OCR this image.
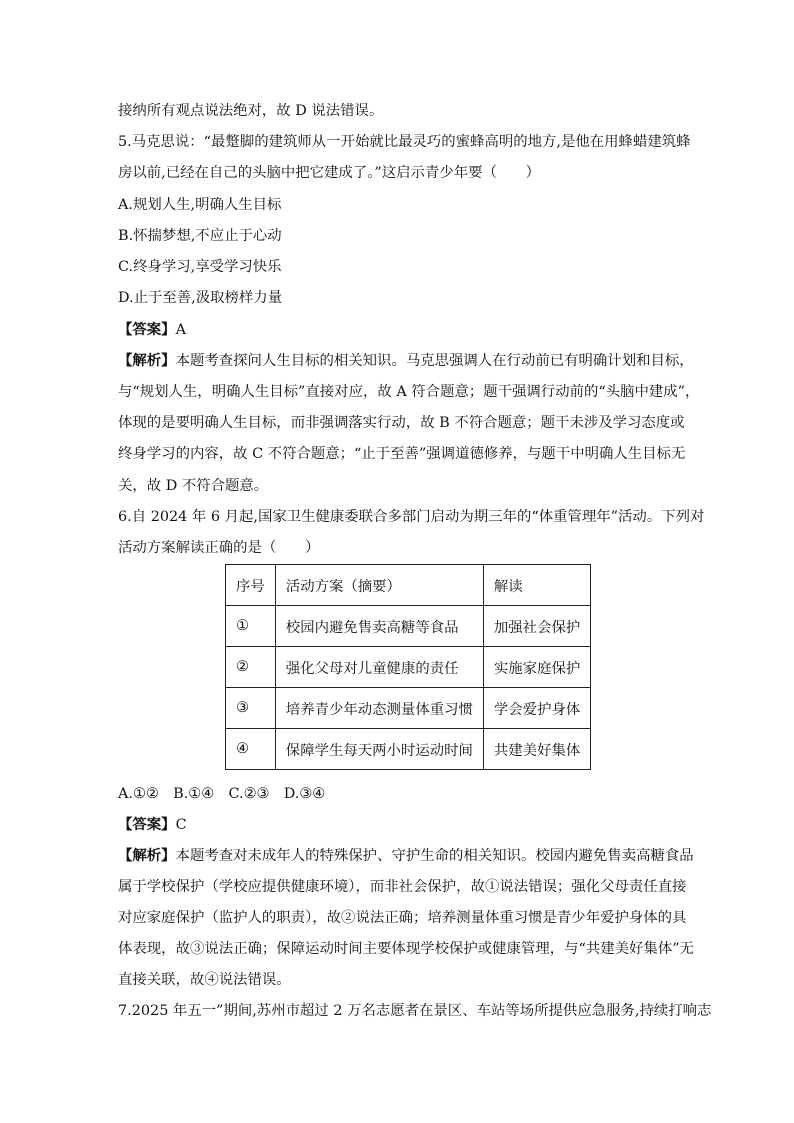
接纳所有观点说法绝对，故 D 说法错误。
5.马克思说：“最蹩脚的建筑师从一开始就比最灵巧的蜜蜂高明的地方,是他在用蜂蜡建筑蜂
房以前,已经在自己的头脑中把它建成了。”这启示青少年要（　　）
A.规划人生,明确人生目标
B.怀揣梦想,不应止于心动
C.终身学习,享受学习快乐
D.止于至善,汲取榜样力量
【答案】A
【解析】本题考查探问人生目标的相关知识。马克思强调人在行动前已有明确计划和目标，
与“规划人生，明确人生目标”直接对应，故 A 符合题意；题干强调行动前的“头脑中建成”，
体现的是要明确人生目标，而非强调落实行动，故 B 不符合题意；题干未涉及学习态度或
终身学习的内容，故 C 不符合题意；“止于至善”强调道德修养，与题干中明确人生目标无
关，故 D 不符合题意。
6.自 2024 年 6 月起,国家卫生健康委联合多部门启动为期三年的“体重管理年”活动。下列对
活动方案解读正确的是（　　）
序号	活动方案（摘要）	解读
①	校园内避免售卖高糖等食品	加强社会保护
②	强化父母对儿童健康的责任	实施家庭保护
③	培养青少年动态测量体重习惯	学会爱护身体
④	保障学生每天两小时运动时间	共建美好集体
A.①②　B.①④　C.②③　D.③④
【答案】C
【解析】本题考查对未成年人的特殊保护、守护生命的相关知识。校园内避免售卖高糖食品
属于学校保护（学校应提供健康环境），而非社会保护，故①说法错误；强化父母责任直接
对应家庭保护（监护人的职责），故②说法正确；培养测量体重习惯是青少年爱护身体的具
体表现，故③说法正确；保障运动时间主要体现学校保护或健康管理，与“共建美好集体”无
直接关联，故④说法错误。
7.2025 年五一”期间,苏州市超过 2 万名志愿者在景区、车站等场所提供应急服务,持续打响志
